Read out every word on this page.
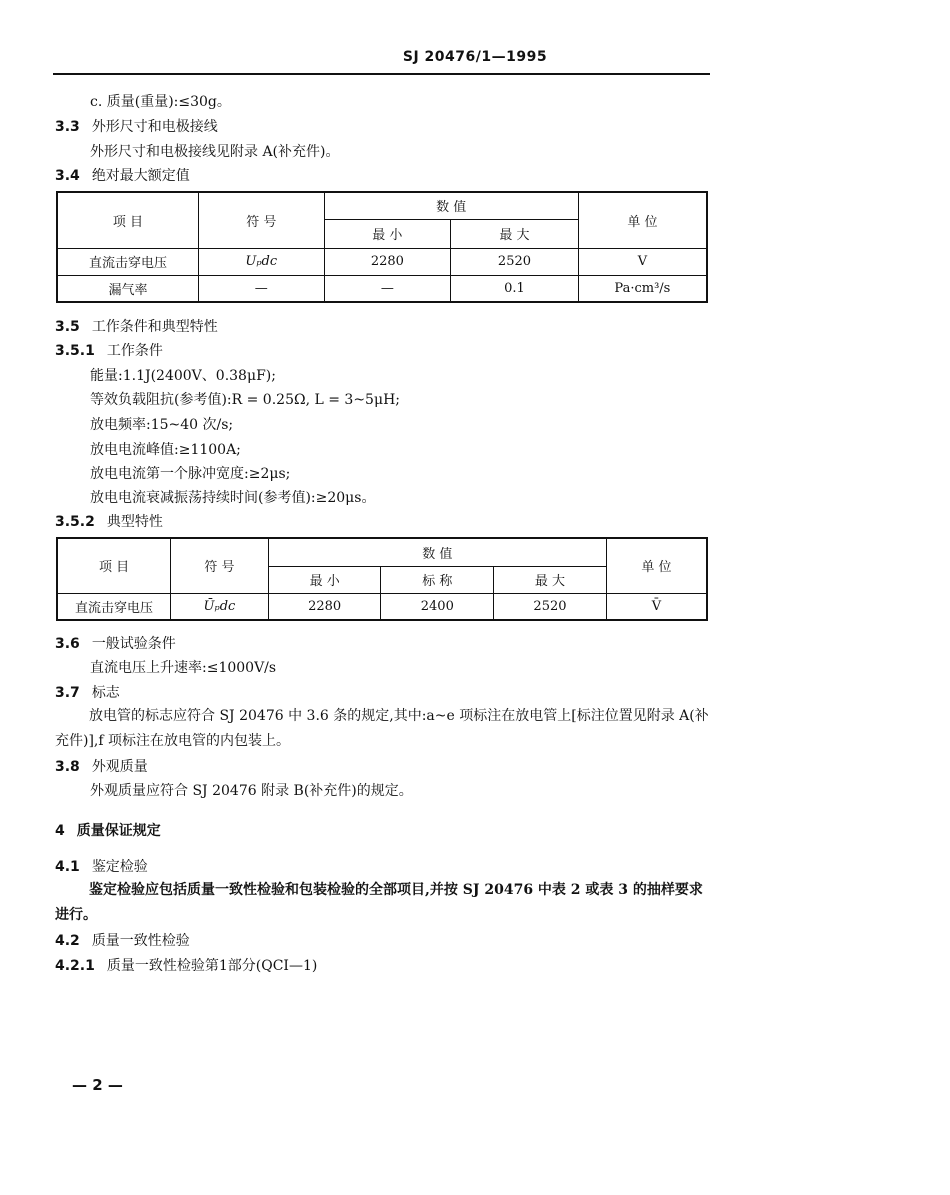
SJ 20476/1—1995
c. 质量(重量):≤30g。
3.3 外形尺寸和电极接线
外形尺寸和电极接线见附录 A(补充件)。
3.4 绝对最大额定值
项 目	符 号	数 值		单 位
		最 小	最 大	
直流击穿电压	Uₚdc	2280	2520	V
漏气率	—	—	0.1	Pa·cm³/s
3.5 工作条件和典型特性
3.5.1 工作条件
能量:1.1J(2400V、0.38μF);
等效负载阻抗(参考值):R = 0.25Ω, L = 3~5μH;
放电频率:15~40 次/s;
放电电流峰值:≥1100A;
放电电流第一个脉冲宽度:≥2μs;
放电电流衰减振荡持续时间(参考值):≥20μs。
3.5.2 典型特性
项 目	符 号	数 值			单 位
		最 小	标 称	最 大	
直流击穿电压	Ūₚdc	2280	2400	2520	V̄
3.6 一般试验条件
直流电压上升速率:≤1000V/s
3.7 标志
放电管的标志应符合 SJ 20476 中 3.6 条的规定,其中:a~e 项标注在放电管上[标注位置见附录 A(补充件)],f 项标注在放电管的内包装上。
3.8 外观质量
外观质量应符合 SJ 20476 附录 B(补充件)的规定。
4 质量保证规定
4.1 鉴定检验
鉴定检验应包括质量一致性检验和包装检验的全部项目,并按 SJ 20476 中表 2 或表 3 的抽样要求进行。
4.2 质量一致性检验
4.2.1 质量一致性检验第1部分(QCI—1)
— 2 —
